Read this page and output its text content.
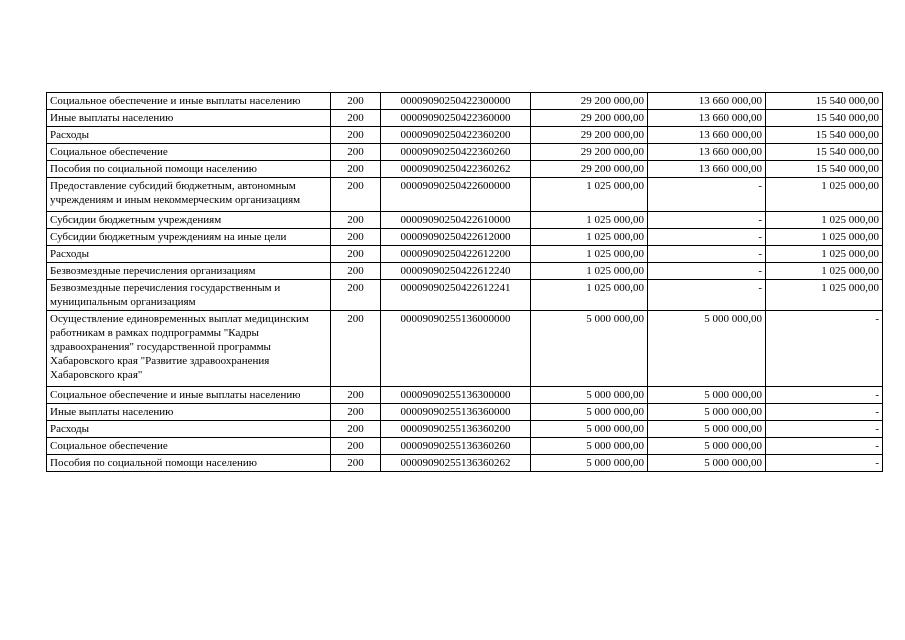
Социальное обеспечение и иные выплаты населению	200	00009090250422300000	29 200 000,00	13 660 000,00	15 540 000,00
Иные выплаты населению	200	00009090250422360000	29 200 000,00	13 660 000,00	15 540 000,00
Расходы	200	00009090250422360200	29 200 000,00	13 660 000,00	15 540 000,00
Социальное обеспечение	200	00009090250422360260	29 200 000,00	13 660 000,00	15 540 000,00
Пособия по социальной помощи населению	200	00009090250422360262	29 200 000,00	13 660 000,00	15 540 000,00
Предоставление субсидий бюджетным, автономным учреждениям и иным некоммерческим организациям	200	00009090250422600000	1 025 000,00	-	1 025 000,00
Субсидии бюджетным учреждениям	200	00009090250422610000	1 025 000,00	-	1 025 000,00
Субсидии бюджетным учреждениям на иные цели	200	00009090250422612000	1 025 000,00	-	1 025 000,00
Расходы	200	00009090250422612200	1 025 000,00	-	1 025 000,00
Безвозмездные перечисления организациям	200	00009090250422612240	1 025 000,00	-	1 025 000,00
Безвозмездные перечисления государственным и муниципальным организациям	200	00009090250422612241	1 025 000,00	-	1 025 000,00
Осуществление единовременных выплат медицинским работникам в рамках подпрограммы "Кадры здравоохранения" государственной программы Хабаровского края "Развитие здравоохранения Хабаровского края"	200	00009090255136000000	5 000 000,00	5 000 000,00	-
Социальное обеспечение и иные выплаты населению	200	00009090255136300000	5 000 000,00	5 000 000,00	-
Иные выплаты населению	200	00009090255136360000	5 000 000,00	5 000 000,00	-
Расходы	200	00009090255136360200	5 000 000,00	5 000 000,00	-
Социальное обеспечение	200	00009090255136360260	5 000 000,00	5 000 000,00	-
Пособия по социальной помощи населению	200	00009090255136360262	5 000 000,00	5 000 000,00	-
